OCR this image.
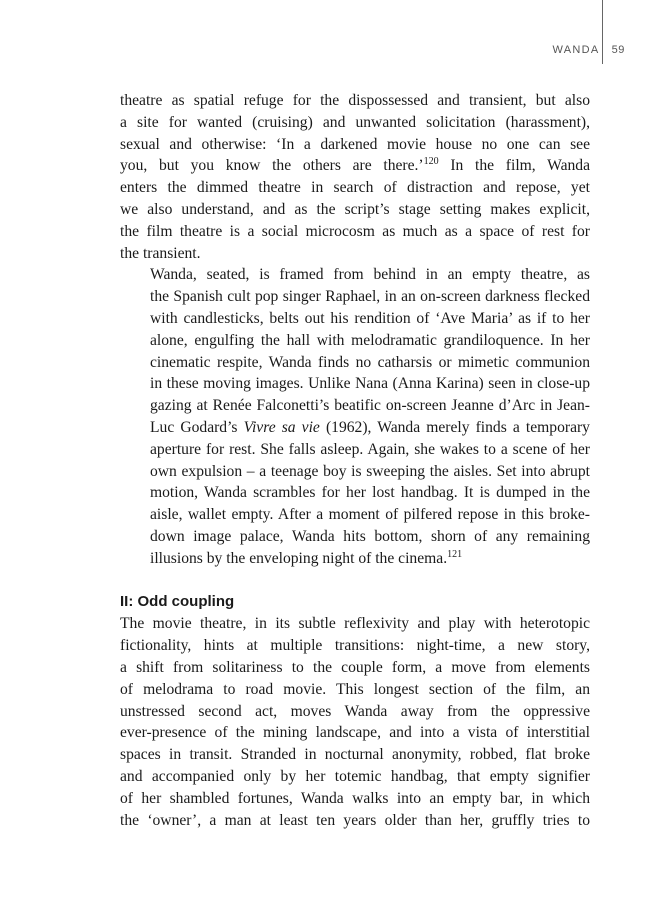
WANDA 59

theatre as spatial refuge for the dispossessed and transient, but also
a site for wanted (cruising) and unwanted solicitation (harassment),
sexual and otherwise: ‘In a darkened movie house no one can see
you, but you know the others are there.’$^{120}$ In the film, Wanda
enters the dimmed theatre in search of distraction and repose, yet
we also understand, and as the script’s stage setting makes explicit,
the film theatre is a social microcosm as much as a space of rest for
the transient.

Wanda, seated, is framed from behind in an empty theatre, as
the Spanish cult pop singer Raphael, in an on-screen darkness flecked
with candlesticks, belts out his rendition of ‘Ave Maria’ as if to her
alone, engulfing the hall with melodramatic grandiloquence. In her
cinematic respite, Wanda finds no catharsis or mimetic communion
in these moving images. Unlike Nana (Anna Karina) seen in close-up
gazing at Renée Falconetti’s beatific on-screen Jeanne d’Arc in Jean-
Luc Godard’s Vivre sa vie (1962), Wanda merely finds a temporary
aperture for rest. She falls asleep. Again, she wakes to a scene of her
own expulsion – a teenage boy is sweeping the aisles. Set into abrupt
motion, Wanda scrambles for her lost handbag. It is dumped in the
aisle, wallet empty. After a moment of pilfered repose in this broke-
down image palace, Wanda hits bottom, shorn of any remaining
illusions by the enveloping night of the cinema.$^{121}$

II: Odd coupling

The movie theatre, in its subtle reflexivity and play with heterotopic
fictionality, hints at multiple transitions: night-time, a new story,
a shift from solitariness to the couple form, a move from elements
of melodrama to road movie. This longest section of the film, an
unstressed second act, moves Wanda away from the oppressive
ever-presence of the mining landscape, and into a vista of interstitial
spaces in transit. Stranded in nocturnal anonymity, robbed, flat broke
and accompanied only by her totemic handbag, that empty signifier
of her shambled fortunes, Wanda walks into an empty bar, in which
the ‘owner’, a man at least ten years older than her, gruffly tries to
